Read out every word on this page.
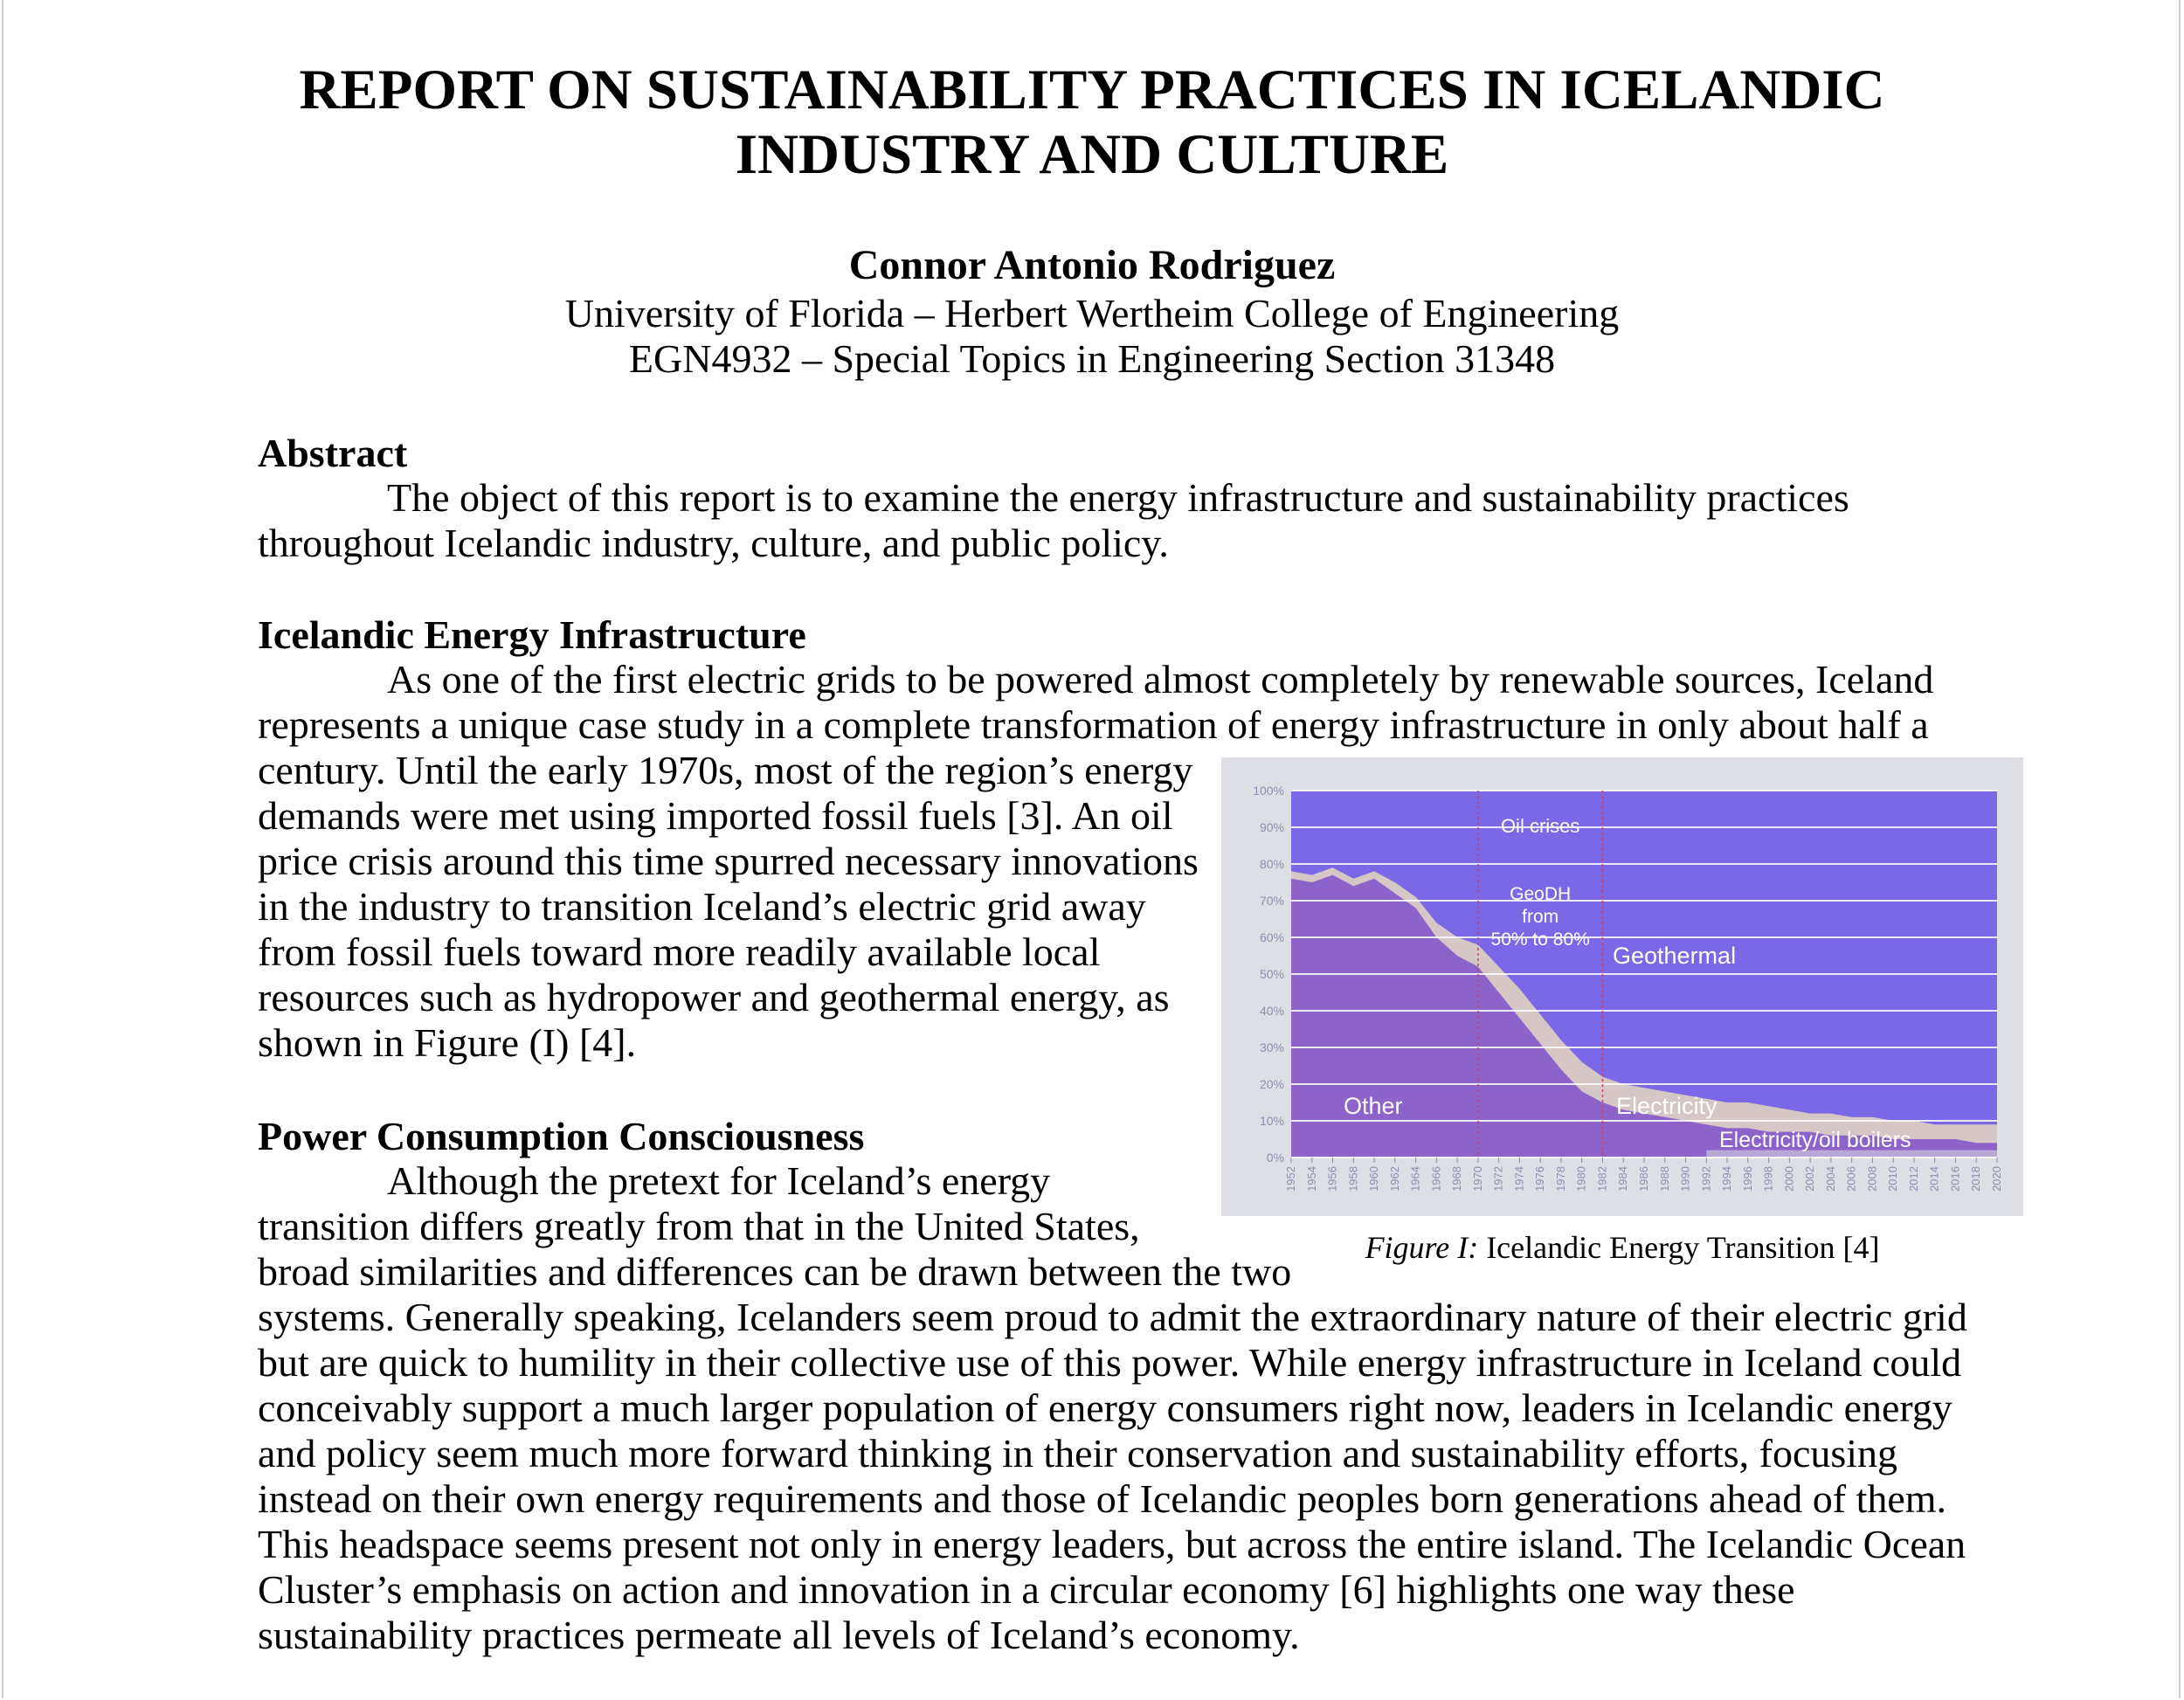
REPORT ON SUSTAINABILITY PRACTICES IN ICELANDIC
INDUSTRY AND CULTURE
Connor Antonio Rodriguez
University of Florida – Herbert Wertheim College of Engineering
EGN4932 – Special Topics in Engineering Section 31348
Abstract
The object of this report is to examine the energy infrastructure and sustainability practices
throughout Icelandic industry, culture, and public policy.
Icelandic Energy Infrastructure
As one of the first electric grids to be powered almost completely by renewable sources, Iceland
represents a unique case study in a complete transformation of energy infrastructure in only about half a
century. Until the early 1970s, most of the region’s energy
demands were met using imported fossil fuels [3]. An oil
price crisis around this time spurred necessary innovations
in the industry to transition Iceland’s electric grid away
from fossil fuels toward more readily available local
resources such as hydropower and geothermal energy, as
shown in Figure (I) [4].
Power Consumption Consciousness
Although the pretext for Iceland’s energy
transition differs greatly from that in the United States,
broad similarities and differences can be drawn between the two
systems. Generally speaking, Icelanders seem proud to admit the extraordinary nature of their electric grid
but are quick to humility in their collective use of this power. While energy infrastructure in Iceland could
conceivably support a much larger population of energy consumers right now, leaders in Icelandic energy
and policy seem much more forward thinking in their conservation and sustainability efforts, focusing
instead on their own energy requirements and those of Icelandic peoples born generations ahead of them.
This headspace seems present not only in energy leaders, but across the entire island. The Icelandic Ocean
Cluster’s emphasis on action and innovation in a circular economy [6] highlights one way these
sustainability practices permeate all levels of Iceland’s economy.
0%
10%
20%
30%
40%
50%
60%
70%
80%
90%
100%
1952 1954 1956 1958 1960 1962 1964 1966 1968 1970 1972 1974 1976 1978 1980 1982 1984 1986 1988 1990 1992 1994 1996 1998 2000 2002 2004 2006 2008 2010 2012 2014 2016 2018 2020
Oil crises
GeoDH
from
50% to 80%
Geothermal
Other	Electricity
Electricity/oil boilers
Figure I: Icelandic Energy Transition [4]
